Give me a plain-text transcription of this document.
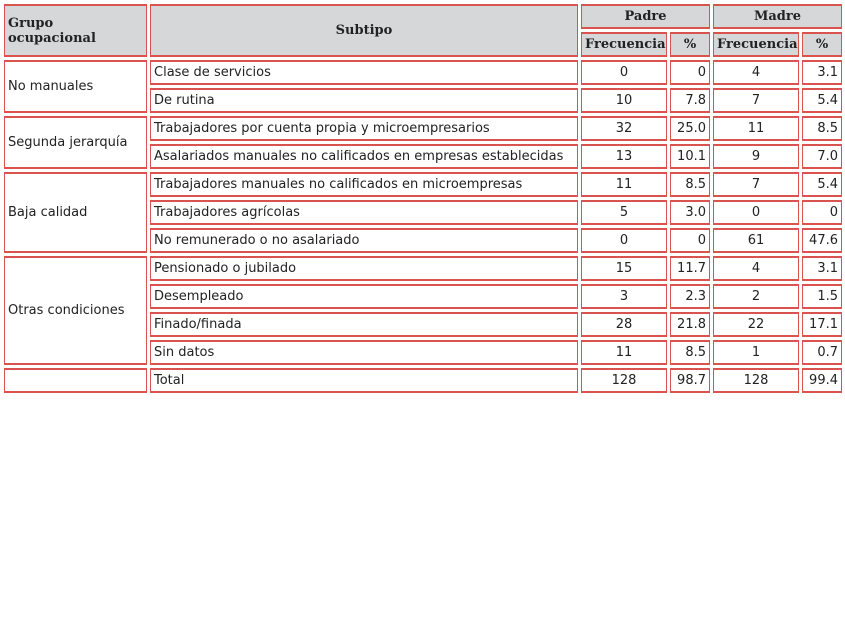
Grupo ocupacional	Subtipo	Padre		Madre	
		Frecuencia	%	Frecuencia	%
No manuales	Clase de servicios	0	0	4	3.1
	De rutina	10	7.8	7	5.4
Segunda jerarquía	Trabajadores por cuenta propia y microempresarios	32	25.0	11	8.5
	Asalariados manuales no calificados en empresas establecidas	13	10.1	9	7.0
Baja calidad	Trabajadores manuales no calificados en microempresas	11	8.5	7	5.4
	Trabajadores agrícolas	5	3.0	0	0
	No remunerado o no asalariado	0	0	61	47.6
Otras condiciones	Pensionado o jubilado	15	11.7	4	3.1
	Desempleado	3	2.3	2	1.5
	Finado/finada	28	21.8	22	17.1
	Sin datos	11	8.5	1	0.7
	Total	128	98.7	128	99.4
